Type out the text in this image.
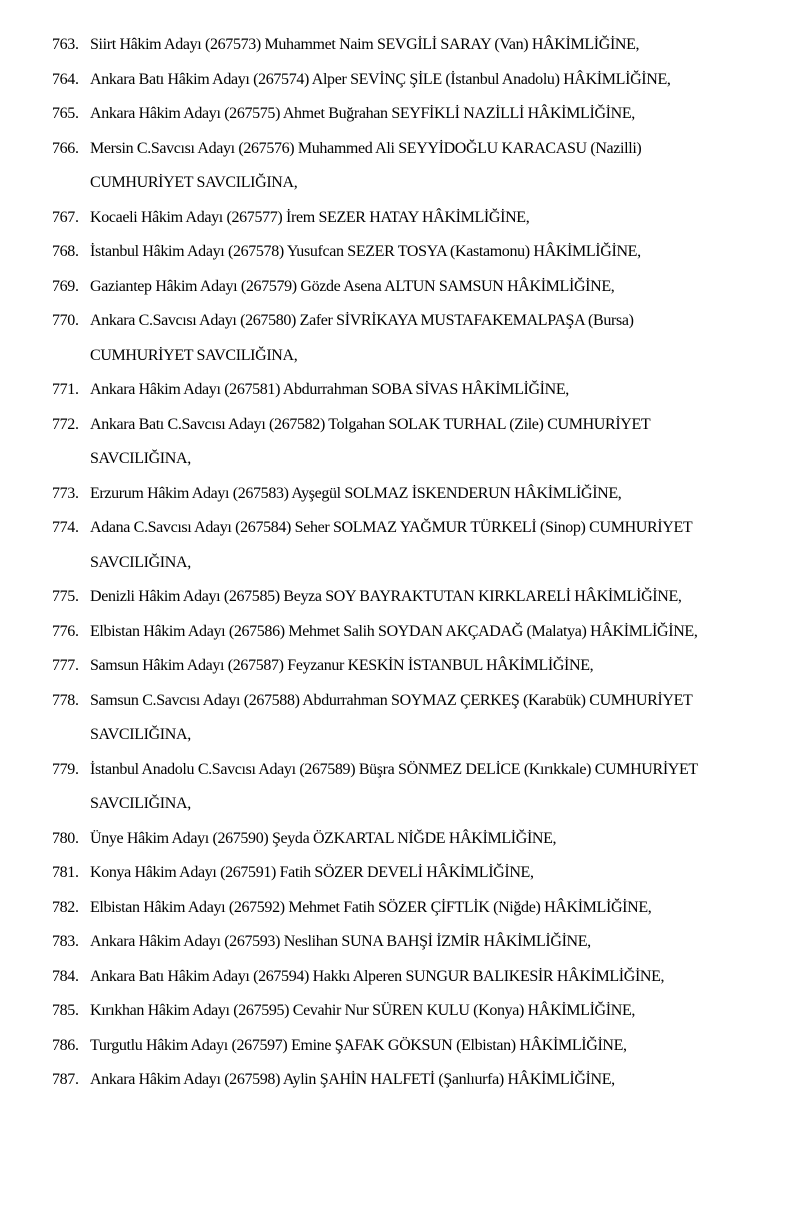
763. Siirt Hâkim Adayı (267573) Muhammet Naim SEVGİLİ SARAY (Van) HÂKİMLİĞİNE,
764. Ankara Batı Hâkim Adayı (267574) Alper SEVİNÇ ŞİLE (İstanbul Anadolu) HÂKİMLİĞİNE,
765. Ankara Hâkim Adayı (267575) Ahmet Buğrahan SEYFİKLİ NAZİLLİ HÂKİMLİĞİNE,
766. Mersin C.Savcısı Adayı (267576) Muhammed Ali SEYYİDOĞLU KARACASU (Nazilli)
CUMHURİYET SAVCILIĞINA,
767. Kocaeli Hâkim Adayı (267577) İrem SEZER HATAY HÂKİMLİĞİNE,
768. İstanbul Hâkim Adayı (267578) Yusufcan SEZER TOSYA (Kastamonu) HÂKİMLİĞİNE,
769. Gaziantep Hâkim Adayı (267579) Gözde Asena ALTUN SAMSUN HÂKİMLİĞİNE,
770. Ankara C.Savcısı Adayı (267580) Zafer SİVRİKAYA MUSTAFAKEMALPAŞA (Bursa)
CUMHURİYET SAVCILIĞINA,
771. Ankara Hâkim Adayı (267581) Abdurrahman SOBA SİVAS HÂKİMLİĞİNE,
772. Ankara Batı C.Savcısı Adayı (267582) Tolgahan SOLAK TURHAL (Zile) CUMHURİYET
SAVCILIĞINA,
773. Erzurum Hâkim Adayı (267583) Ayşegül SOLMAZ İSKENDERUN HÂKİMLİĞİNE,
774. Adana C.Savcısı Adayı (267584) Seher SOLMAZ YAĞMUR TÜRKELİ (Sinop) CUMHURİYET
SAVCILIĞINA,
775. Denizli Hâkim Adayı (267585) Beyza SOY BAYRAKTUTAN KIRKLARELİ HÂKİMLİĞİNE,
776. Elbistan Hâkim Adayı (267586) Mehmet Salih SOYDAN AKÇADAĞ (Malatya) HÂKİMLİĞİNE,
777. Samsun Hâkim Adayı (267587) Feyzanur KESKİN İSTANBUL HÂKİMLİĞİNE,
778. Samsun C.Savcısı Adayı (267588) Abdurrahman SOYMAZ ÇERKEŞ (Karabük) CUMHURİYET
SAVCILIĞINA,
779. İstanbul Anadolu C.Savcısı Adayı (267589) Büşra SÖNMEZ DELİCE (Kırıkkale) CUMHURİYET
SAVCILIĞINA,
780. Ünye Hâkim Adayı (267590) Şeyda ÖZKARTAL NİĞDE HÂKİMLİĞİNE,
781. Konya Hâkim Adayı (267591) Fatih SÖZER DEVELİ HÂKİMLİĞİNE,
782. Elbistan Hâkim Adayı (267592) Mehmet Fatih SÖZER ÇİFTLİK (Niğde) HÂKİMLİĞİNE,
783. Ankara Hâkim Adayı (267593) Neslihan SUNA BAHŞİ İZMİR HÂKİMLİĞİNE,
784. Ankara Batı Hâkim Adayı (267594) Hakkı Alperen SUNGUR BALIKESİR HÂKİMLİĞİNE,
785. Kırıkhan Hâkim Adayı (267595) Cevahir Nur SÜREN KULU (Konya) HÂKİMLİĞİNE,
786. Turgutlu Hâkim Adayı (267597) Emine ŞAFAK GÖKSUN (Elbistan) HÂKİMLİĞİNE,
787. Ankara Hâkim Adayı (267598) Aylin ŞAHİN HALFETİ (Şanlıurfa) HÂKİMLİĞİNE,
